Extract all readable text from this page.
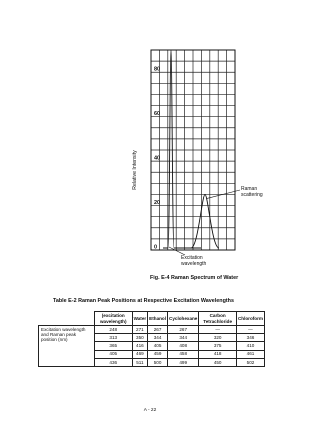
0
20
40
60
80
Relative Intensity	Raman
scattering
Excitation
wavelength
Fig. E-4 Raman Spectrum of Water
Table E-2 Raman Peak Positions at Respective Excitation Wavelengths
	(excitation wavelength)	Water	Ethanol	Cyclohexane	Carbon Tetrachloride	Chloroform
Excitation wavelength and Raman peak position (nm)	248	271	267	267	—	—
	313	350	344	344	320	346
	365	416	405	408	375	410
	405	469	459	458	418	461
	436	511	500	499	450	502
A - 22
